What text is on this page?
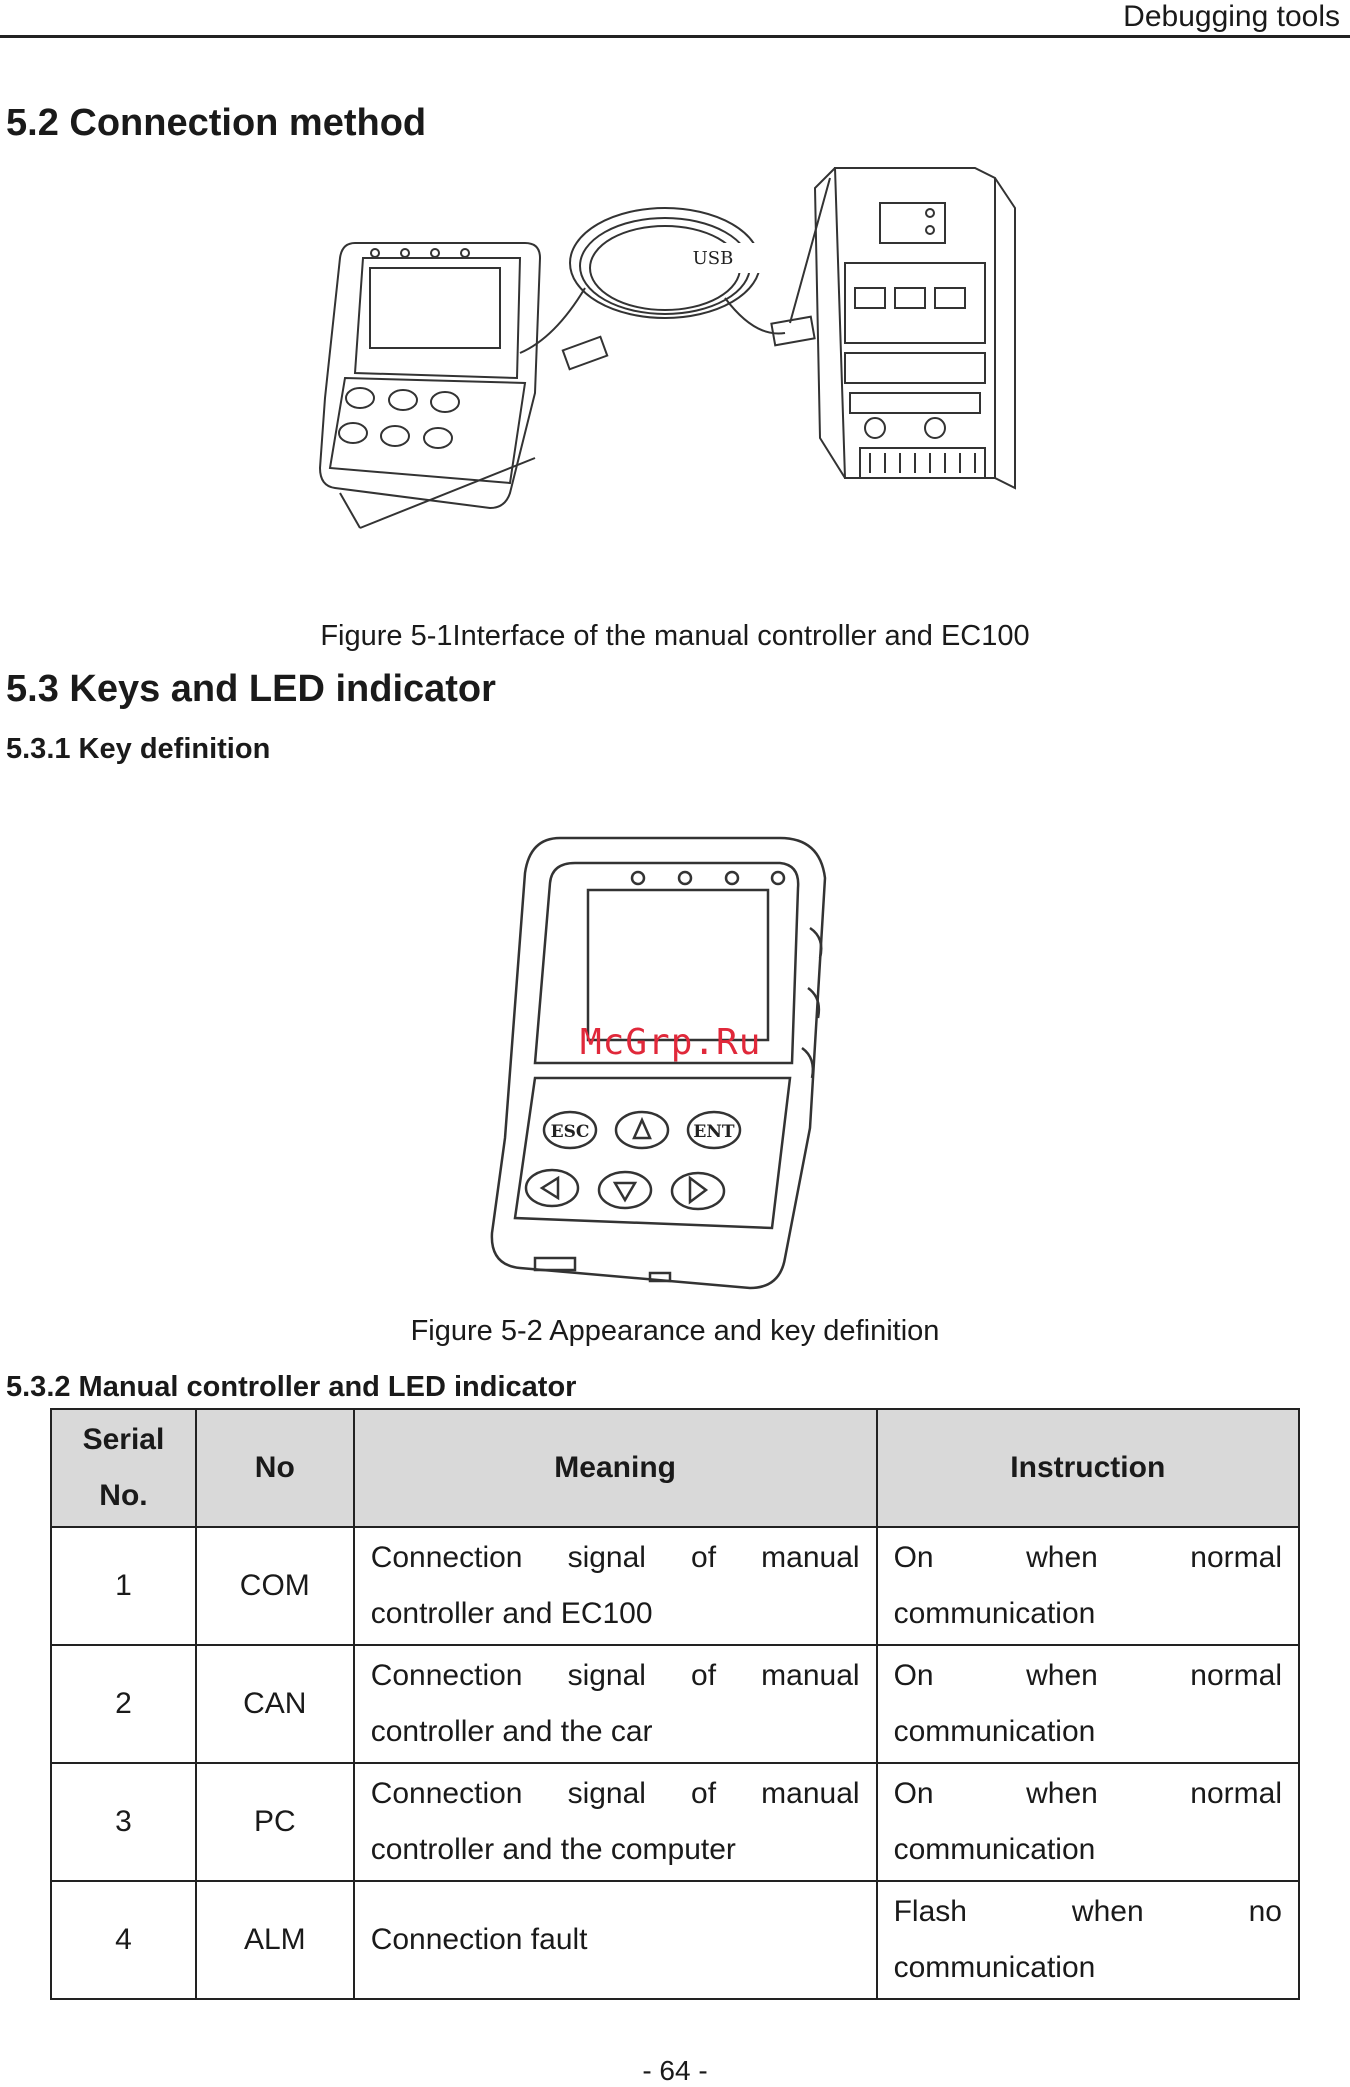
Debugging tools
5.2 Connection method
USB
Figure 5-1Interface of the manual controller and EC100
5.3 Keys and LED indicator
5.3.1 Key definition
ESC	ENT
McGrp.Ru
Figure 5-2 Appearance and key definition
5.3.2 Manual controller and LED indicator
Serial
No.	No	Meaning	Instruction
1	COM	Connection signal of manual controller and EC100	On when normal communication
2	CAN	Connection signal of manual controller and the car	On when normal communication
3	PC	Connection signal of manual controller and the computer	On when normal communication
4	ALM	Connection fault	Flash when no communication
- 64 -
